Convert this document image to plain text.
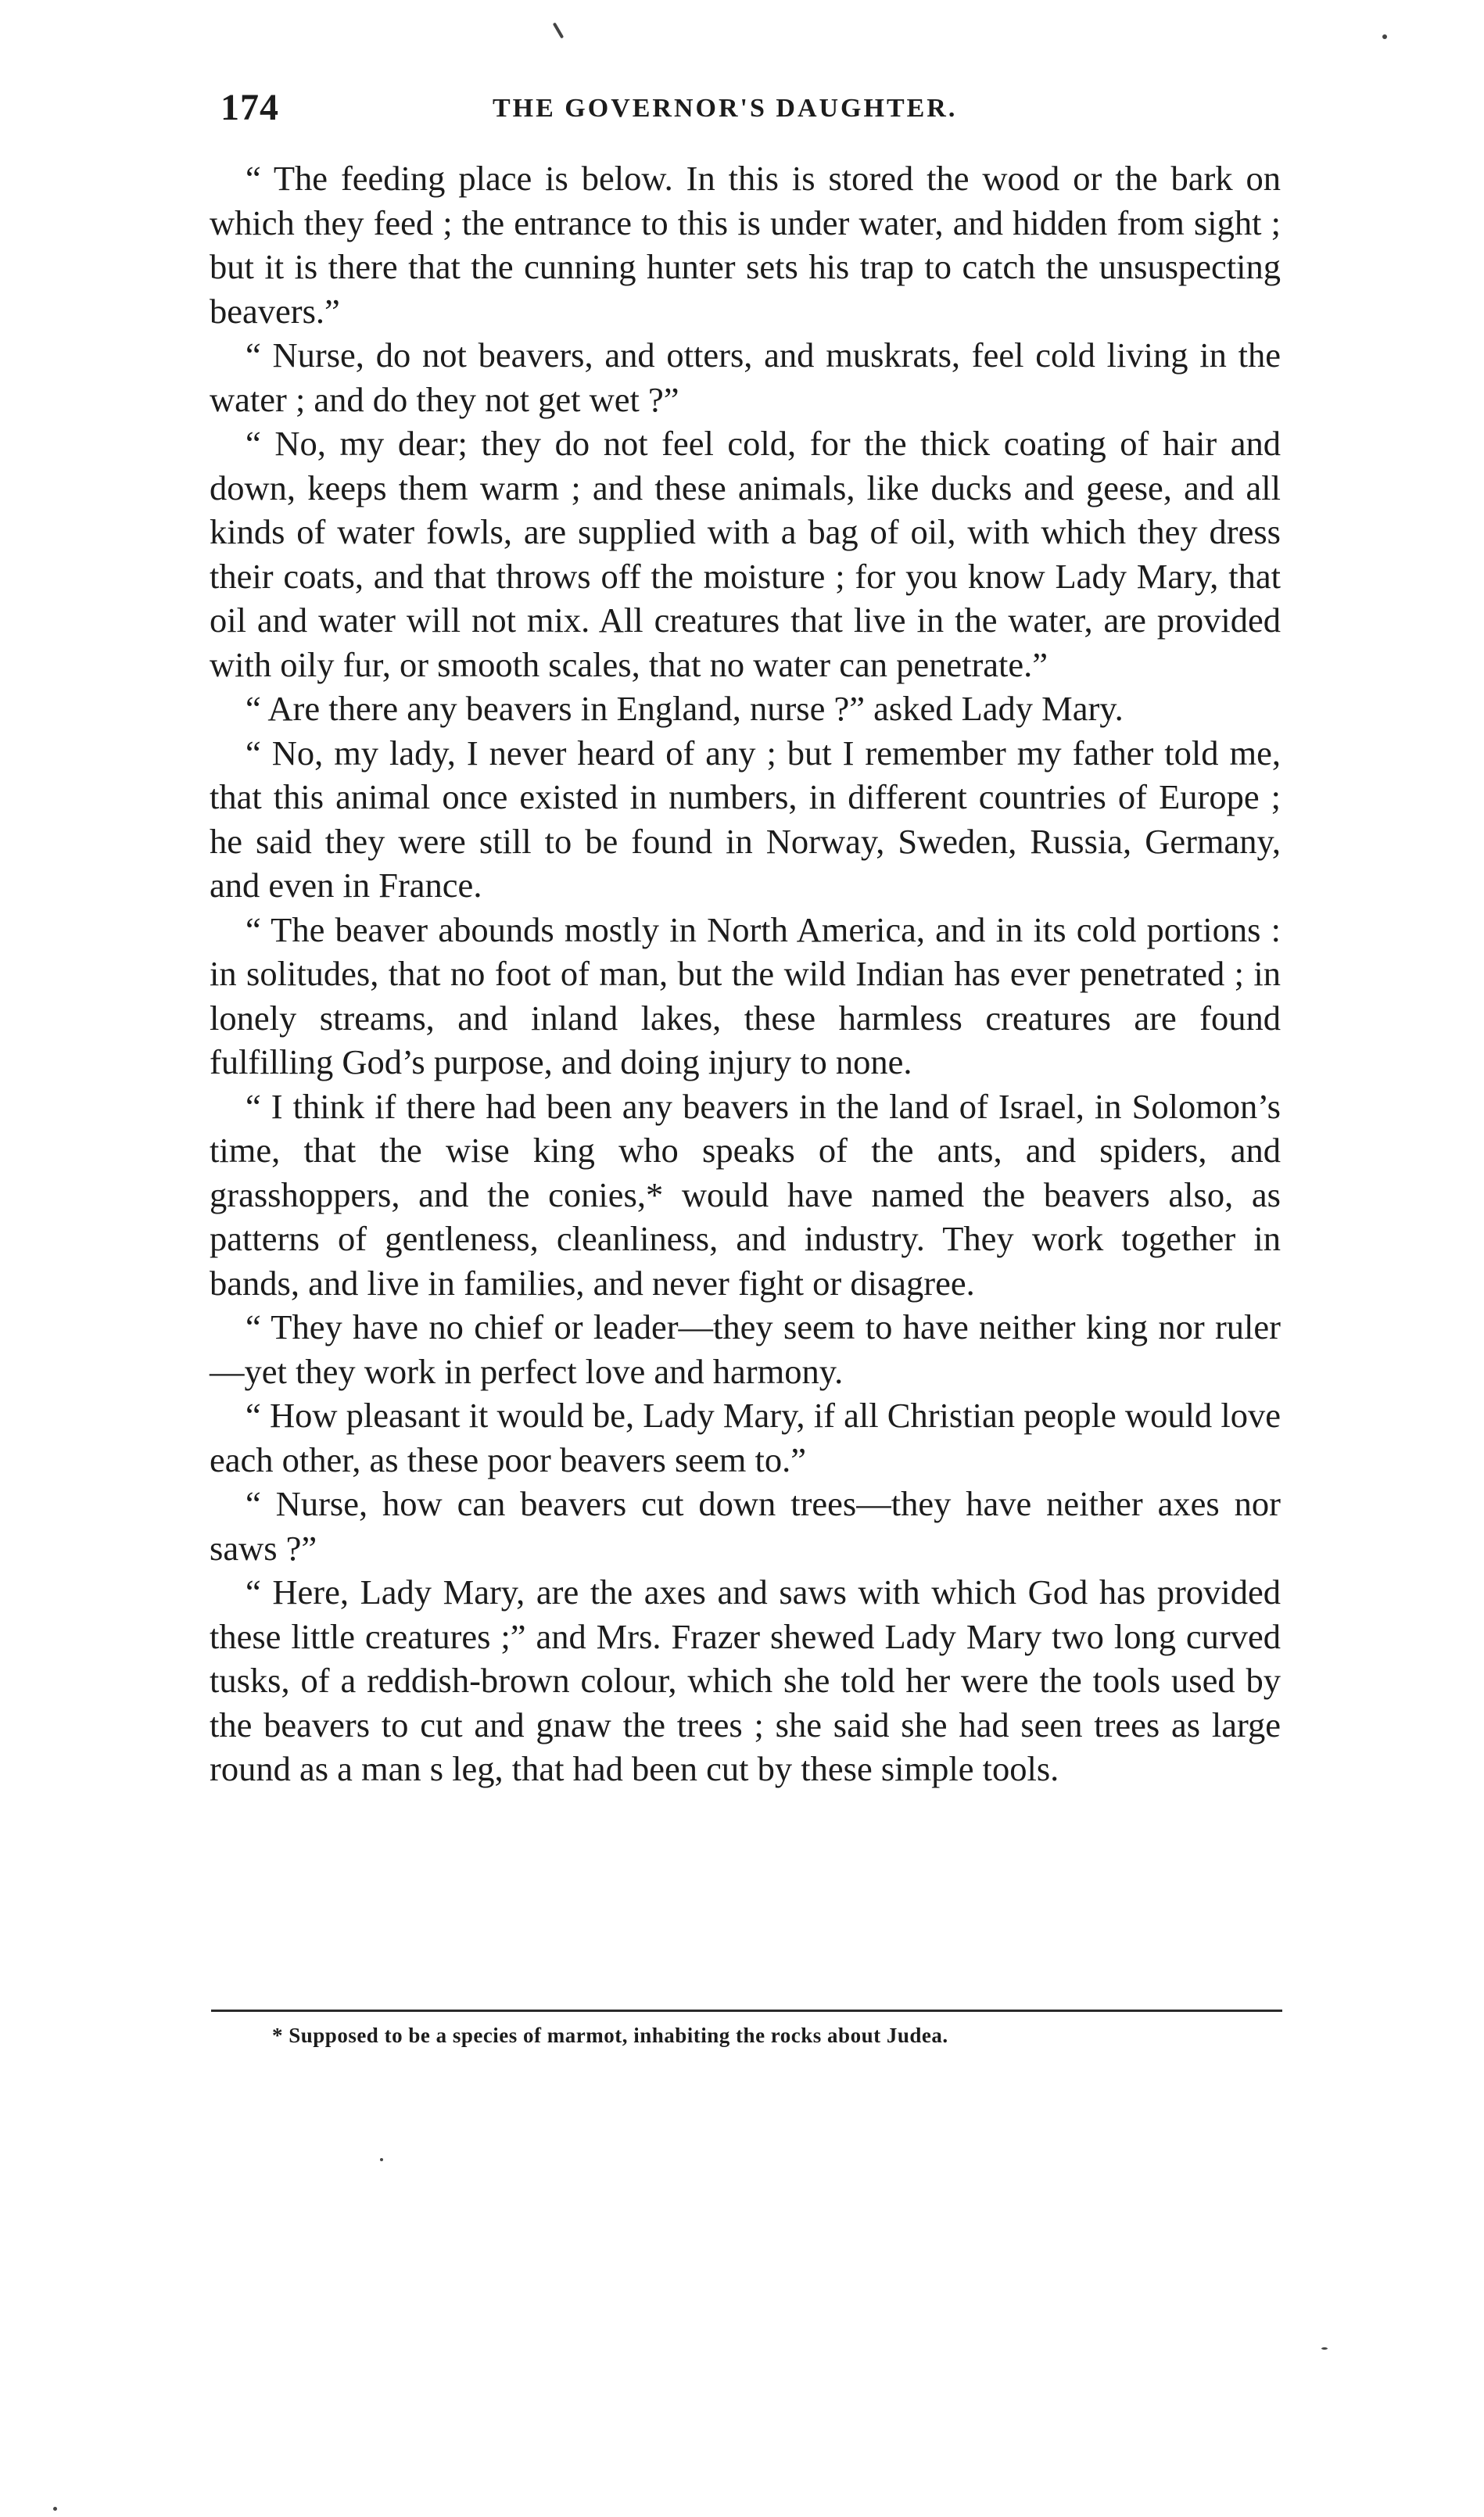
174	THE GOVERNOR'S DAUGHTER.

“ The feeding place is below. In this is stored the wood or the bark on which they feed ; the entrance to this is under water, and hidden from sight ; but it is there that the cunning hunter sets his trap to catch the unsuspecting beavers.”

“ Nurse, do not beavers, and otters, and muskrats, feel cold living in the water ; and do they not get wet ?”

“ No, my dear; they do not feel cold, for the thick coating of hair and down, keeps them warm ; and these animals, like ducks and geese, and all kinds of water fowls, are supplied with a bag of oil, with which they dress their coats, and that throws off the moisture ; for you know Lady Mary, that oil and water will not mix. All creatures that live in the water, are provided with oily fur, or smooth scales, that no water can penetrate.”

“ Are there any beavers in England, nurse ?” asked Lady Mary.

“ No, my lady, I never heard of any ; but I remember my father told me, that this animal once existed in numbers, in different countries of Europe ; he said they were still to be found in Norway, Sweden, Russia, Germany, and even in France.

“ The beaver abounds mostly in North America, and in its cold portions : in solitudes, that no foot of man, but the wild Indian has ever penetrated ; in lonely streams, and inland lakes, these harmless creatures are found fulfilling God’s purpose, and doing injury to none.

“ I think if there had been any beavers in the land of Israel, in Solomon’s time, that the wise king who speaks of the ants, and spiders, and grasshoppers, and the conies,* would have named the beavers also, as patterns of gentleness, cleanliness, and industry. They work together in bands, and live in families, and never fight or disagree.

“ They have no chief or leader—they seem to have neither king nor ruler—yet they work in perfect love and harmony.

“ How pleasant it would be, Lady Mary, if all Christian people would love each other, as these poor beavers seem to.”

“ Nurse, how can beavers cut down trees—they have neither axes nor saws ?”

“ Here, Lady Mary, are the axes and saws with which God has provided these little creatures ;” and Mrs. Frazer shewed Lady Mary two long curved tusks, of a reddish-brown colour, which she told her were the tools used by the beavers to cut and gnaw the trees ; she said she had seen trees as large round as a man s leg, that had been cut by these simple tools.

* Supposed to be a species of marmot, inhabiting the rocks about Judea.
